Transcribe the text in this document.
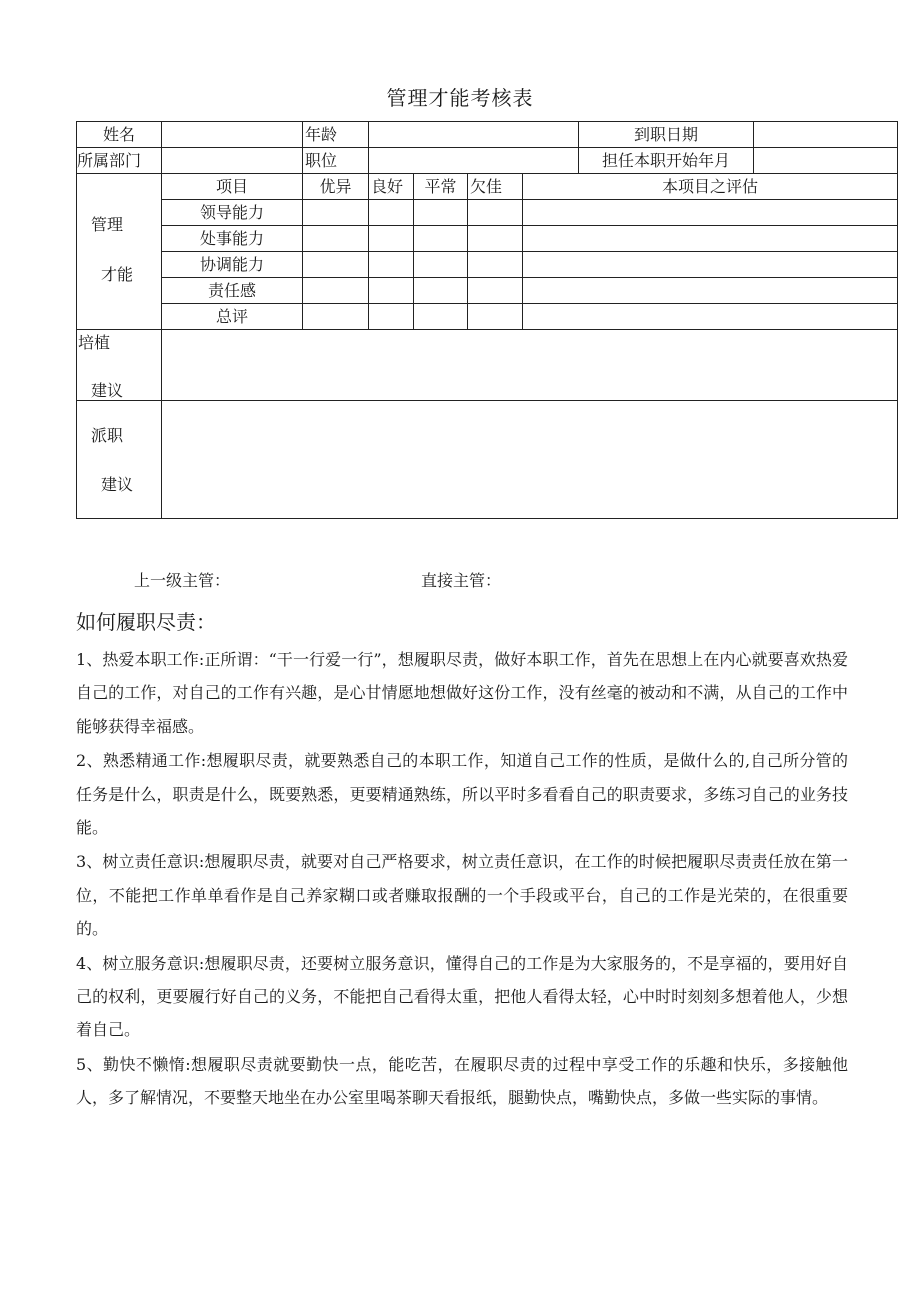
管理才能考核表
姓名		年龄					到职日期	
所属部门		职位					担任本职开始年月	

管理
才能	项目	优异	良好	平常	欠佳	本项目之评估		
	领导能力							
	处事能力							
	协调能力							
	责任感							
	总评							

培植
建议								

派职
建议								

上一级主管：	直接主管：
如何履职尽责：

1、热爱本职工作:正所谓：“干一行爱一行”，想履职尽责，做好本职工作，首先在思想上在内心就要喜欢热爱自己的工作，对自己的工作有兴趣，是心甘情愿地想做好这份工作，没有丝毫的被动和不满，从自己的工作中能够获得幸福感。

2、熟悉精通工作:想履职尽责，就要熟悉自己的本职工作，知道自己工作的性质，是做什么的,自己所分管的任务是什么，职责是什么，既要熟悉，更要精通熟练，所以平时多看看自己的职责要求，多练习自己的业务技能。

3、树立责任意识:想履职尽责，就要对自己严格要求，树立责任意识，在工作的时候把履职尽责责任放在第一位，不能把工作单单看作是自己养家糊口或者赚取报酬的一个手段或平台，自己的工作是光荣的，在很重要的。

4、树立服务意识:想履职尽责，还要树立服务意识，懂得自己的工作是为大家服务的，不是享福的，要用好自己的权利，更要履行好自己的义务，不能把自己看得太重，把他人看得太轻，心中时时刻刻多想着他人，少想着自己。

5、勤快不懒惰:想履职尽责就要勤快一点，能吃苦，在履职尽责的过程中享受工作的乐趣和快乐，多接触他人，多了解情况，不要整天地坐在办公室里喝茶聊天看报纸，腿勤快点，嘴勤快点，多做一些实际的事情。
